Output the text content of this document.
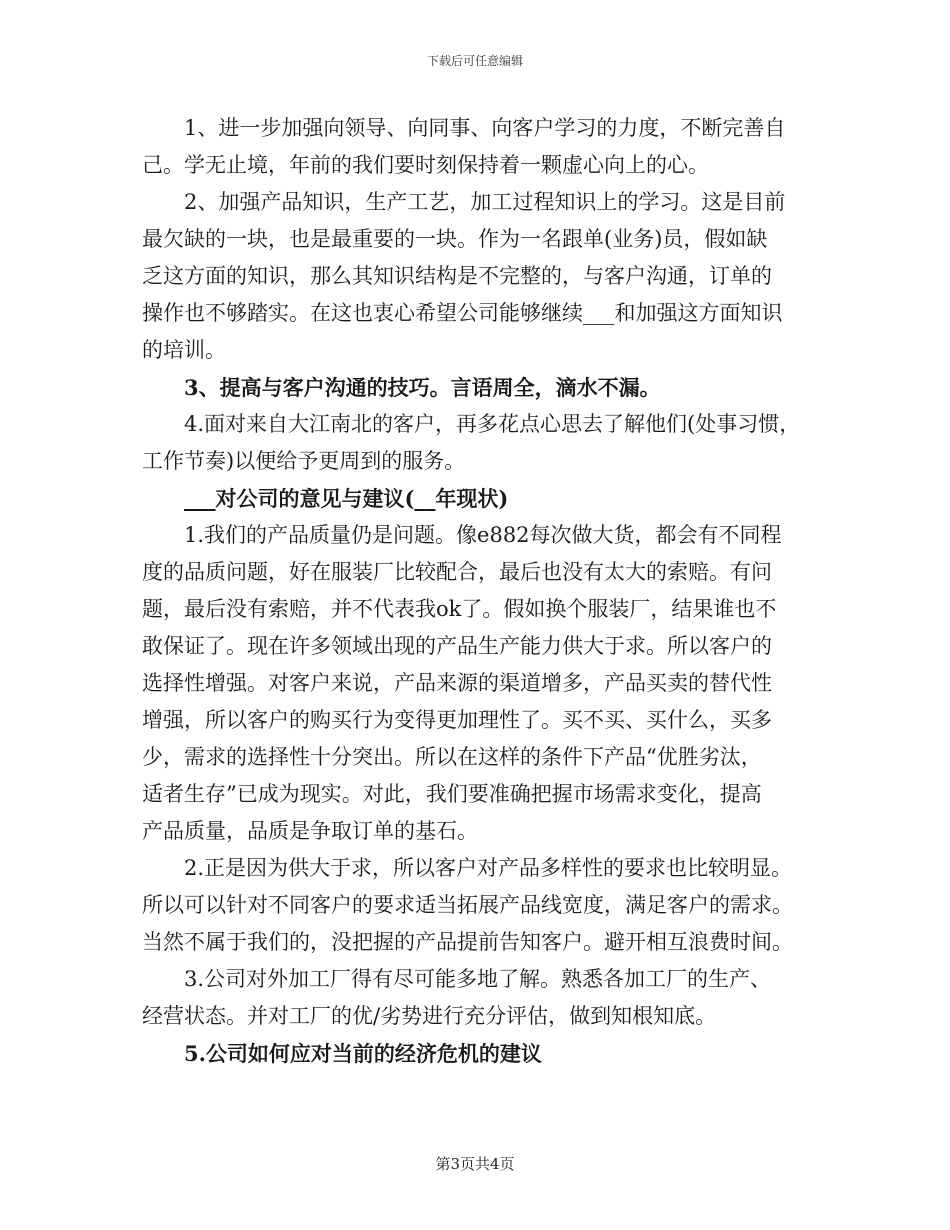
下载后可任意编辑
1、进一步加强向领导、向同事、向客户学习的力度，不断完善自
己。学无止境，年前的我们要时刻保持着一颗虚心向上的心。
2、加强产品知识，生产工艺，加工过程知识上的学习。这是目前
最欠缺的一块，也是最重要的一块。作为一名跟单(业务)员，假如缺
乏这方面的知识，那么其知识结构是不完整的，与客户沟通，订单的
操作也不够踏实。在这也衷心希望公司能够继续___和加强这方面知识
的培训。
3、提高与客户沟通的技巧。言语周全，滴水不漏。
4.面对来自大江南北的客户，再多花点心思去了解他们(处事习惯，
工作节奏)以便给予更周到的服务。
___对公司的意见与建议(__年现状)
1.我们的产品质量仍是问题。像e882每次做大货，都会有不同程
度的品质问题，好在服装厂比较配合，最后也没有太大的索赔。有问
题，最后没有索赔，并不代表我ok了。假如换个服装厂，结果谁也不
敢保证了。现在许多领域出现的产品生产能力供大于求。所以客户的
选择性增强。对客户来说，产品来源的渠道增多，产品买卖的替代性
增强，所以客户的购买行为变得更加理性了。买不买、买什么，买多
少，需求的选择性十分突出。所以在这样的条件下产品“优胜劣汰，
适者生存”已成为现实。对此，我们要准确把握市场需求变化，提高
产品质量，品质是争取订单的基石。
2.正是因为供大于求，所以客户对产品多样性的要求也比较明显。
所以可以针对不同客户的要求适当拓展产品线宽度，满足客户的需求。
当然不属于我们的，没把握的产品提前告知客户。避开相互浪费时间。
3.公司对外加工厂得有尽可能多地了解。熟悉各加工厂的生产、
经营状态。并对工厂的优/劣势进行充分评估，做到知根知底。
5.公司如何应对当前的经济危机的建议
第3页共4页
